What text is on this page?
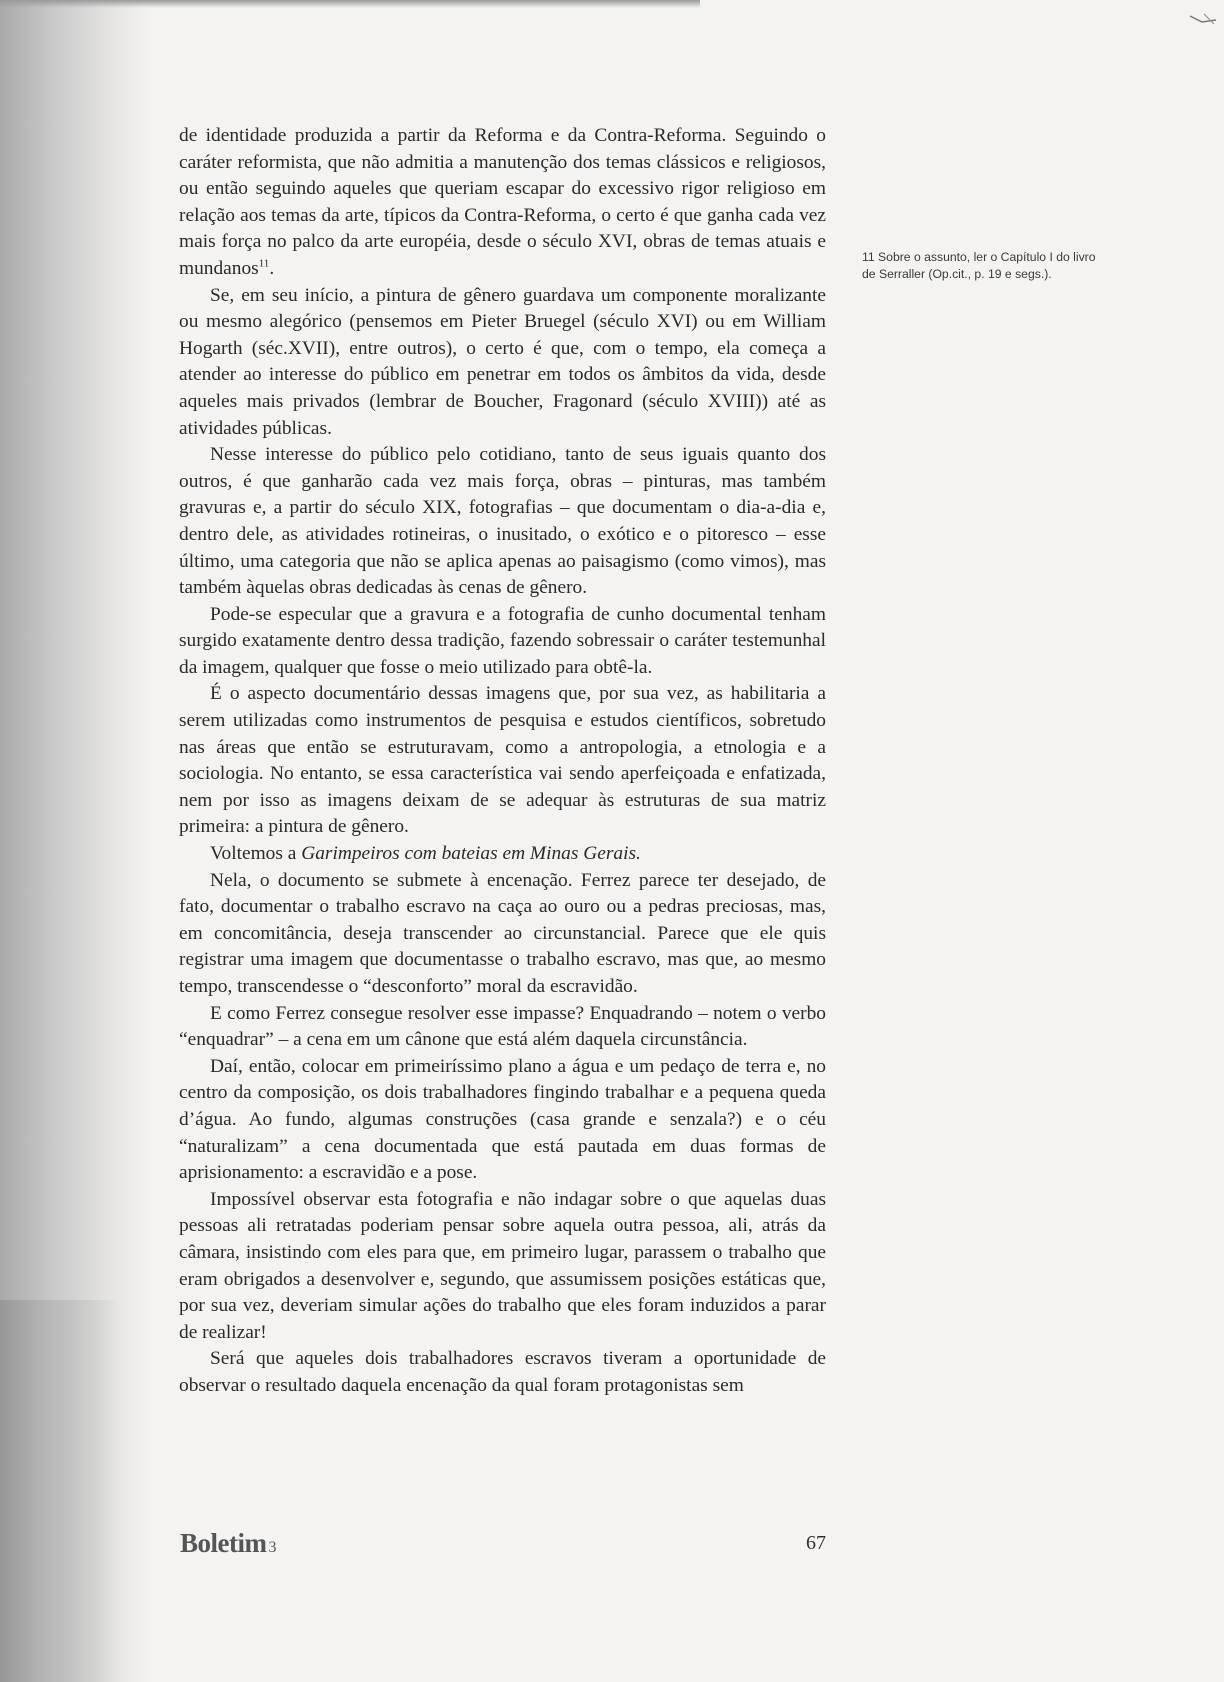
de identidade produzida a partir da Reforma e da Contra-Reforma. Seguindo o caráter reformista, que não admitia a manutenção dos temas clássicos e religiosos, ou então seguindo aqueles que queriam escapar do excessivo rigor religioso em relação aos temas da arte, típicos da Contra-Reforma, o certo é que ganha cada vez mais força no palco da arte européia, desde o século XVI, obras de temas atuais e mundanos$^{11}$.

Se, em seu início, a pintura de gênero guardava um componente moralizante ou mesmo alegórico (pensemos em Pieter Bruegel (século XVI) ou em William Hogarth (séc.XVII), entre outros), o certo é que, com o tempo, ela começa a atender ao interesse do público em penetrar em todos os âmbitos da vida, desde aqueles mais privados (lembrar de Boucher, Fragonard (século XVIII)) até as atividades públicas.

Nesse interesse do público pelo cotidiano, tanto de seus iguais quanto dos outros, é que ganharão cada vez mais força, obras – pinturas, mas também gravuras e, a partir do século XIX, fotografias – que documentam o dia-a-dia e, dentro dele, as atividades rotineiras, o inusitado, o exótico e o pitoresco – esse último, uma categoria que não se aplica apenas ao paisagismo (como vimos), mas também àquelas obras dedicadas às cenas de gênero.

Pode-se especular que a gravura e a fotografia de cunho documental tenham surgido exatamente dentro dessa tradição, fazendo sobressair o caráter testemunhal da imagem, qualquer que fosse o meio utilizado para obtê-la.

É o aspecto documentário dessas imagens que, por sua vez, as habilitaria a serem utilizadas como instrumentos de pesquisa e estudos científicos, sobretudo nas áreas que então se estruturavam, como a antropologia, a etnologia e a sociologia. No entanto, se essa característica vai sendo aperfeiçoada e enfatizada, nem por isso as imagens deixam de se adequar às estruturas de sua matriz primeira: a pintura de gênero.

Voltemos a Garimpeiros com bateias em Minas Gerais.

Nela, o documento se submete à encenação. Ferrez parece ter desejado, de fato, documentar o trabalho escravo na caça ao ouro ou a pedras preciosas, mas, em concomitância, deseja transcender ao circunstancial. Parece que ele quis registrar uma imagem que documentasse o trabalho escravo, mas que, ao mesmo tempo, transcendesse o “desconforto” moral da escravidão.

E como Ferrez consegue resolver esse impasse? Enquadrando – notem o verbo “enquadrar” – a cena em um cânone que está além daquela circunstância.

Daí, então, colocar em primeiríssimo plano a água e um pedaço de terra e, no centro da composição, os dois trabalhadores fingindo trabalhar e a pequena queda d’água. Ao fundo, algumas construções (casa grande e senzala?) e o céu “naturalizam” a cena documentada que está pautada em duas formas de aprisionamento: a escravidão e a pose.

Impossível observar esta fotografia e não indagar sobre o que aquelas duas pessoas ali retratadas poderiam pensar sobre aquela outra pessoa, ali, atrás da câmara, insistindo com eles para que, em primeiro lugar, parassem o trabalho que eram obrigados a desenvolver e, segundo, que assumissem posições estáticas que, por sua vez, deveriam simular ações do trabalho que eles foram induzidos a parar de realizar!

Será que aqueles dois trabalhadores escravos tiveram a oportunidade de observar o resultado daquela encenação da qual foram protagonistas sem

11 Sobre o assunto, ler o Capítulo I do livro de Serraller (Op.cit., p. 19 e segs.).
Boletim 3	67
